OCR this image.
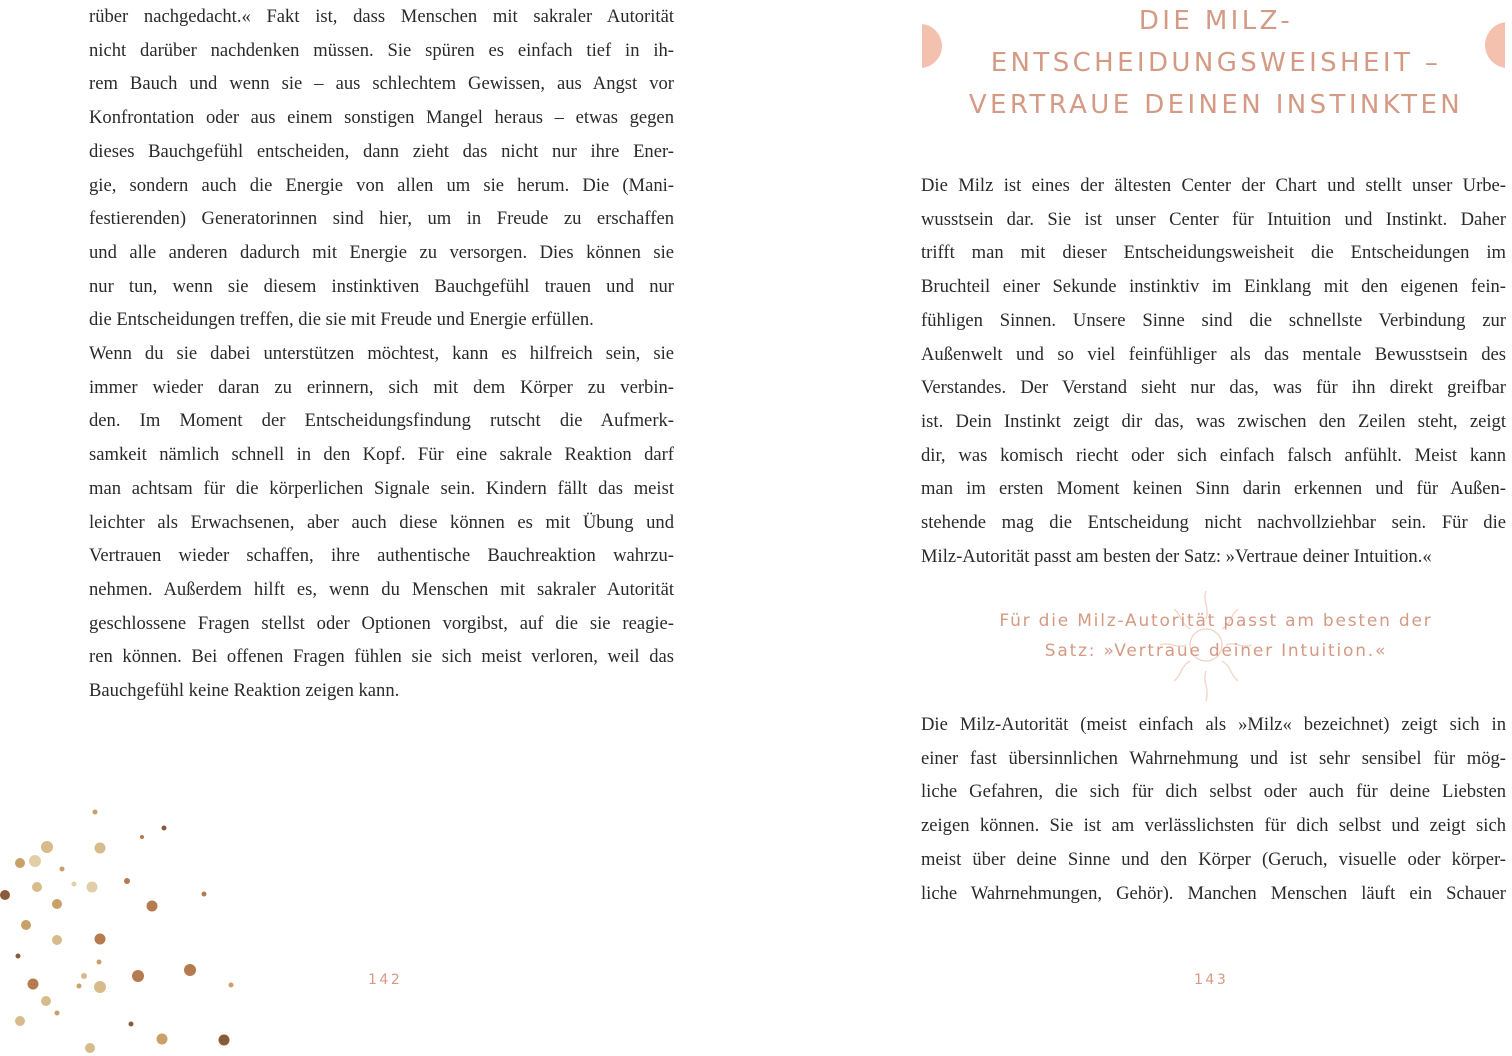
rüber nachgedacht.« Fakt ist, dass Menschen mit sakraler Autorität
nicht darüber nachdenken müssen. Sie spüren es einfach tief in ih-
rem Bauch und wenn sie – aus schlechtem Gewissen, aus Angst vor
Konfrontation oder aus einem sonstigen Mangel heraus – etwas gegen
dieses Bauchgefühl entscheiden, dann zieht das nicht nur ihre Ener-
gie, sondern auch die Energie von allen um sie herum. Die (Mani-
festierenden) Generatorinnen sind hier, um in Freude zu erschaffen
und alle anderen dadurch mit Energie zu versorgen. Dies können sie
nur tun, wenn sie diesem instinktiven Bauchgefühl trauen und nur
die Entscheidungen treffen, die sie mit Freude und Energie erfüllen.
Wenn du sie dabei unterstützen möchtest, kann es hilfreich sein, sie
immer wieder daran zu erinnern, sich mit dem Körper zu verbin-
den. Im Moment der Entscheidungsfindung rutscht die Aufmerk-
samkeit nämlich schnell in den Kopf. Für eine sakrale Reaktion darf
man achtsam für die körperlichen Signale sein. Kindern fällt das meist
leichter als Erwachsenen, aber auch diese können es mit Übung und
Vertrauen wieder schaffen, ihre authentische Bauchreaktion wahrzu-
nehmen. Außerdem hilft es, wenn du Menschen mit sakraler Autorität
geschlossene Fragen stellst oder Optionen vorgibst, auf die sie reagie-
ren können. Bei offenen Fragen fühlen sie sich meist verloren, weil das
Bauchgefühl keine Reaktion zeigen kann.
142
DIE MILZ-
ENTSCHEIDUNGSWEISHEIT –
VERTRAUE DEINEN INSTINKTEN
Die Milz ist eines der ältesten Center der Chart und stellt unser Urbe-
wusstsein dar. Sie ist unser Center für Intuition und Instinkt. Daher
trifft man mit dieser Entscheidungsweisheit die Entscheidungen im
Bruchteil einer Sekunde instinktiv im Einklang mit den eigenen fein-
fühligen Sinnen. Unsere Sinne sind die schnellste Verbindung zur
Außenwelt und so viel feinfühliger als das mentale Bewusstsein des
Verstandes. Der Verstand sieht nur das, was für ihn direkt greifbar
ist. Dein Instinkt zeigt dir das, was zwischen den Zeilen steht, zeigt
dir, was komisch riecht oder sich einfach falsch anfühlt. Meist kann
man im ersten Moment keinen Sinn darin erkennen und für Außen-
stehende mag die Entscheidung nicht nachvollziehbar sein. Für die
Milz-Autorität passt am besten der Satz: »Vertraue deiner Intuition.«
Für die Milz-Autorität passt am besten der
Satz: »Vertraue deiner Intuition.«
Die Milz-Autorität (meist einfach als »Milz« bezeichnet) zeigt sich in
einer fast übersinnlichen Wahrnehmung und ist sehr sensibel für mög-
liche Gefahren, die sich für dich selbst oder auch für deine Liebsten
zeigen können. Sie ist am verlässlichsten für dich selbst und zeigt sich
meist über deine Sinne und den Körper (Geruch, visuelle oder körper-
liche Wahrnehmungen, Gehör). Manchen Menschen läuft ein Schauer
143
